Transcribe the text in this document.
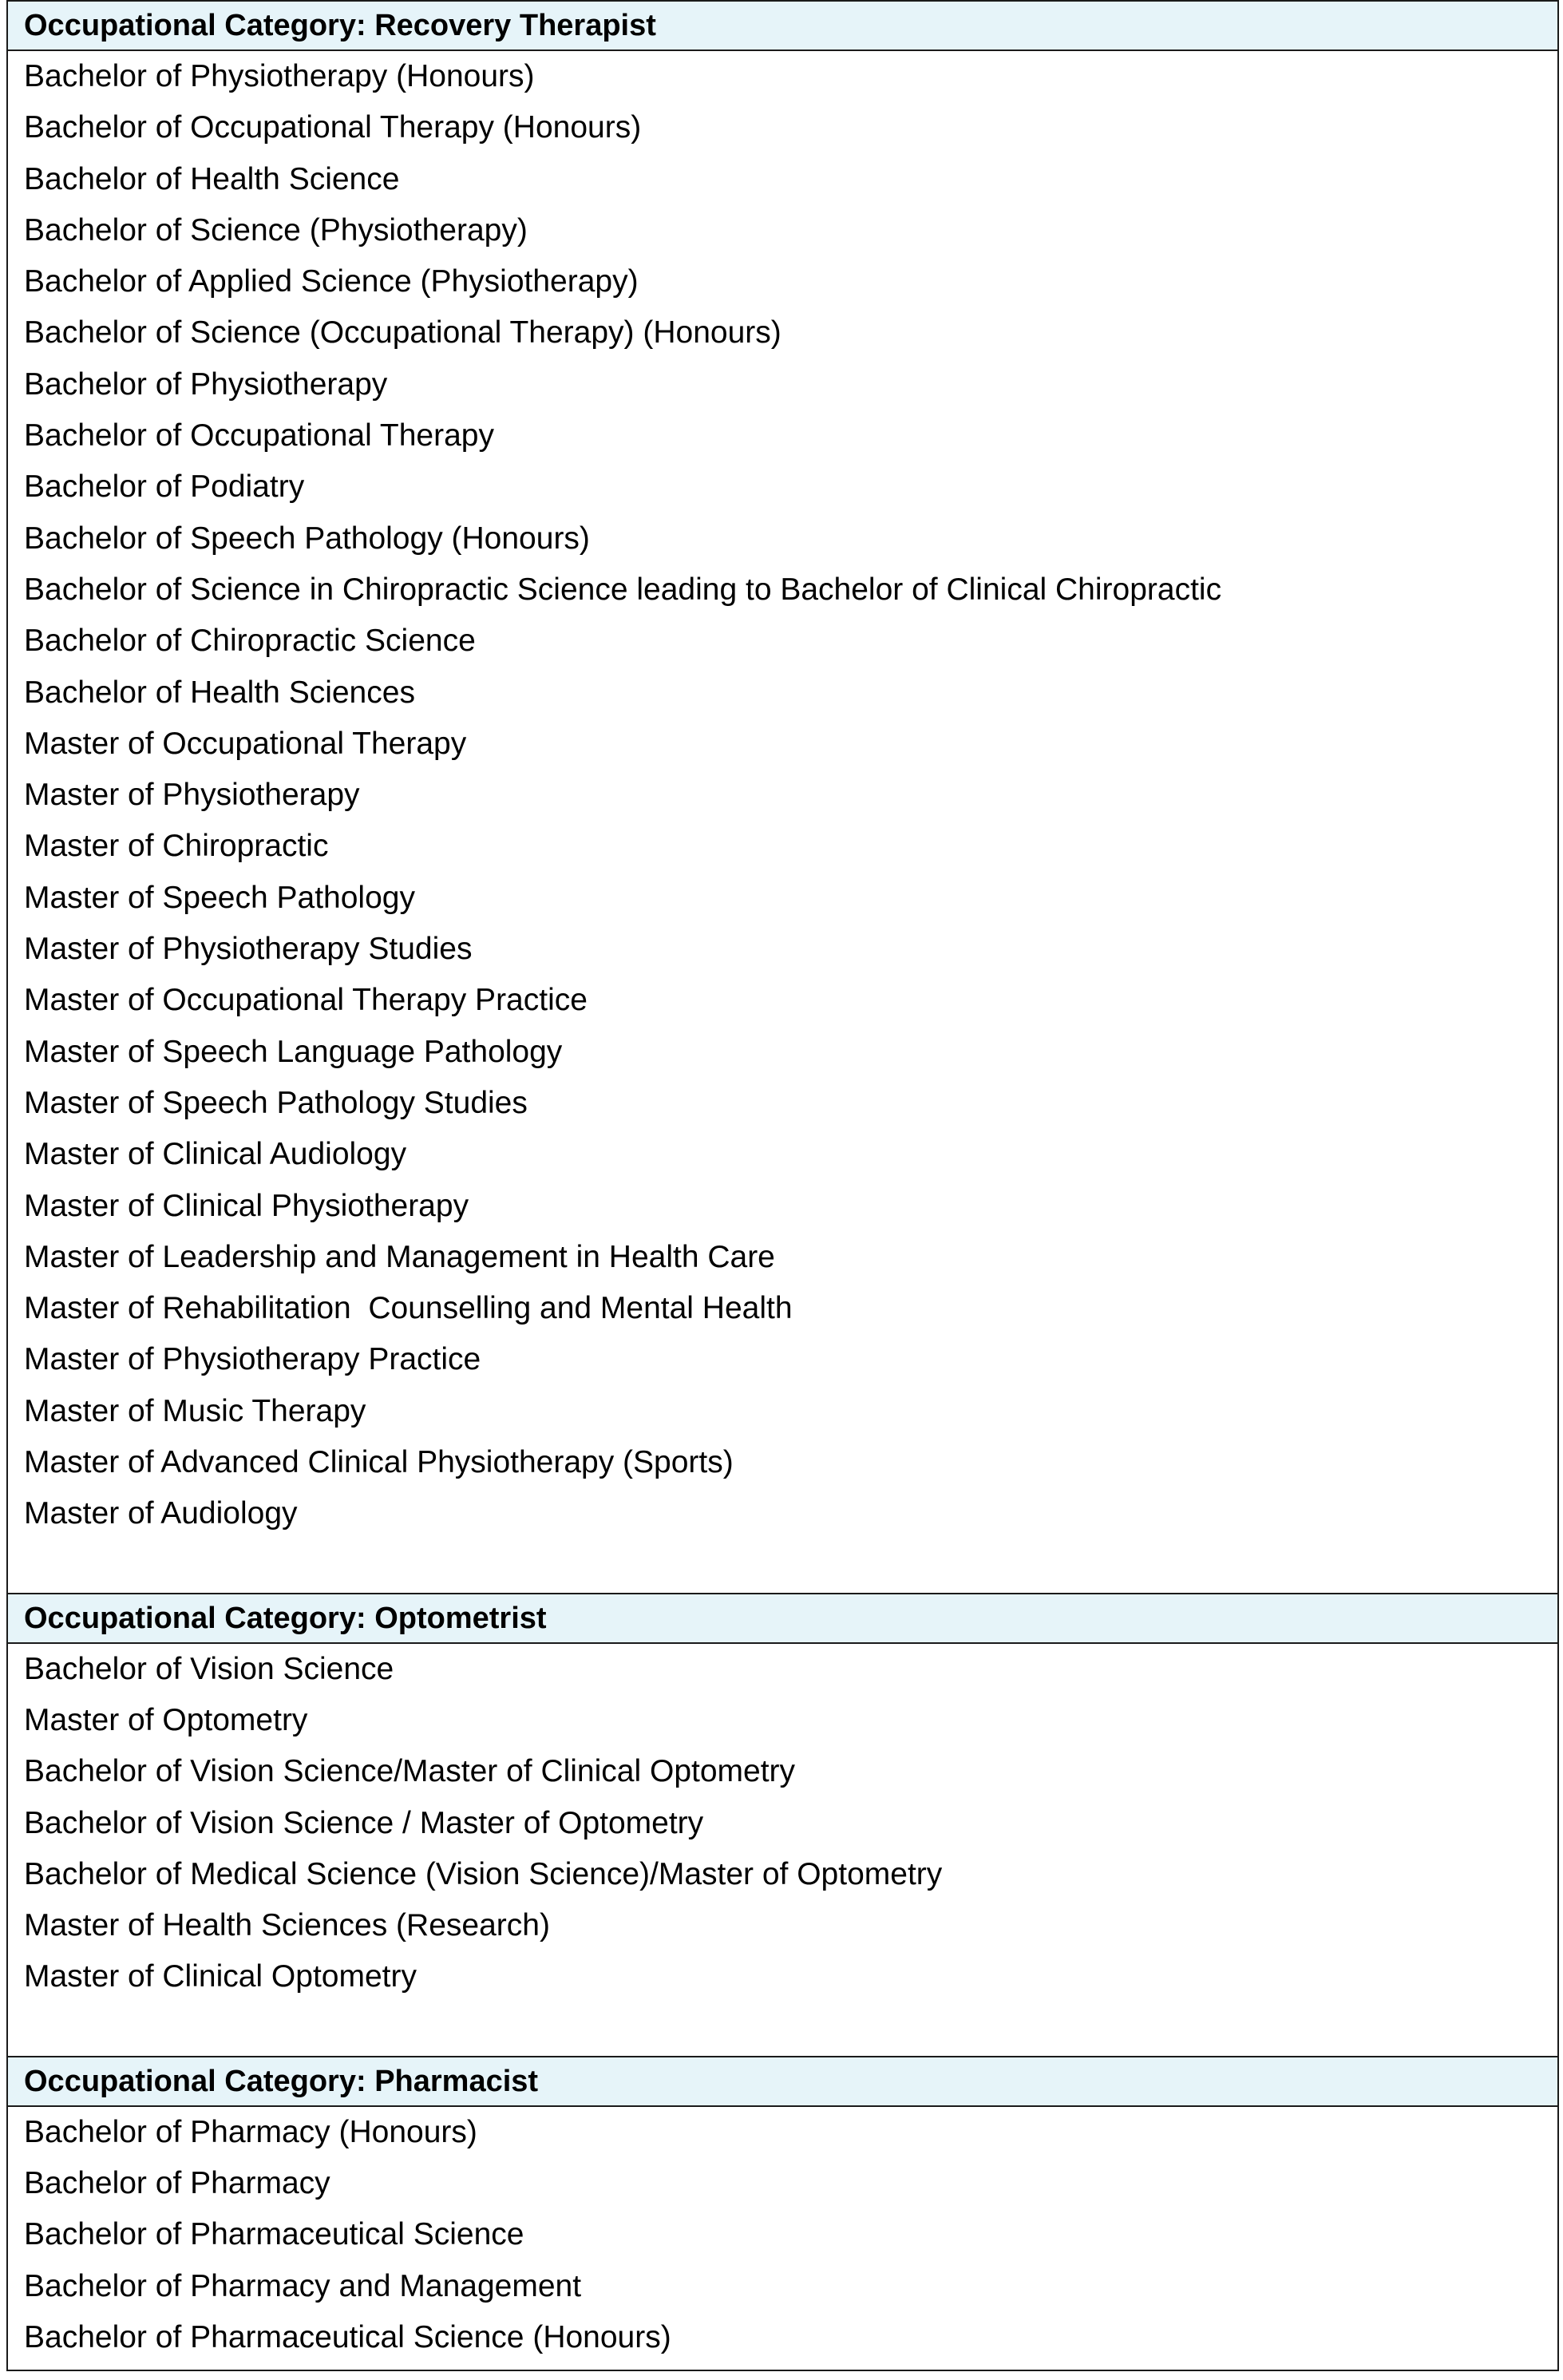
Occupational Category: Recovery Therapist
Bachelor of Physiotherapy (Honours)
Bachelor of Occupational Therapy (Honours)
Bachelor of Health Science
Bachelor of Science (Physiotherapy)
Bachelor of Applied Science (Physiotherapy)
Bachelor of Science (Occupational Therapy) (Honours)
Bachelor of Physiotherapy
Bachelor of Occupational Therapy
Bachelor of Podiatry
Bachelor of Speech Pathology (Honours)
Bachelor of Science in Chiropractic Science leading to Bachelor of Clinical Chiropractic
Bachelor of Chiropractic Science
Bachelor of Health Sciences
Master of Occupational Therapy
Master of Physiotherapy
Master of Chiropractic
Master of Speech Pathology
Master of Physiotherapy Studies
Master of Occupational Therapy Practice
Master of Speech Language Pathology
Master of Speech Pathology Studies
Master of Clinical Audiology
Master of Clinical Physiotherapy
Master of Leadership and Management in Health Care
Master of Rehabilitation  Counselling and Mental Health
Master of Physiotherapy Practice
Master of Music Therapy
Master of Advanced Clinical Physiotherapy (Sports)
Master of Audiology
Occupational Category: Optometrist
Bachelor of Vision Science
Master of Optometry
Bachelor of Vision Science/Master of Clinical Optometry
Bachelor of Vision Science / Master of Optometry
Bachelor of Medical Science (Vision Science)/Master of Optometry
Master of Health Sciences (Research)
Master of Clinical Optometry
Occupational Category: Pharmacist
Bachelor of Pharmacy (Honours)
Bachelor of Pharmacy
Bachelor of Pharmaceutical Science
Bachelor of Pharmacy and Management
Bachelor of Pharmaceutical Science (Honours)
